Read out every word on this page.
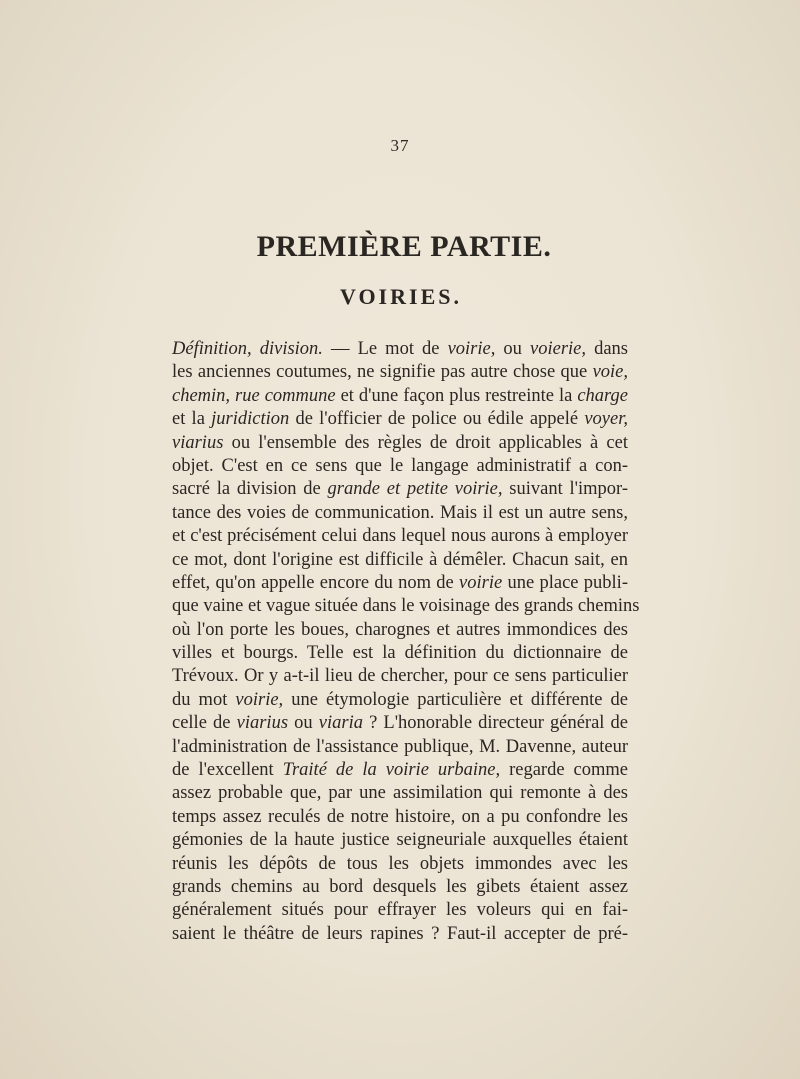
37
PREMIÈRE PARTIE.
VOIRIES.
Définition, division. — Le mot de voirie, ou voierie, dans
les anciennes coutumes, ne signifie pas autre chose que voie,
chemin, rue commune et d'une façon plus restreinte la charge
et la juridiction de l'officier de police ou édile appelé voyer,
viarius ou l'ensemble des règles de droit applicables à cet
objet. C'est en ce sens que le langage administratif a con-
sacré la division de grande et petite voirie, suivant l'impor-
tance des voies de communication. Mais il est un autre sens,
et c'est précisément celui dans lequel nous aurons à employer
ce mot, dont l'origine est difficile à démêler. Chacun sait, en
effet, qu'on appelle encore du nom de voirie une place publi-
que vaine et vague située dans le voisinage des grands chemins
où l'on porte les boues, charognes et autres immondices des
villes et bourgs. Telle est la définition du dictionnaire de
Trévoux. Or y a-t-il lieu de chercher, pour ce sens particulier
du mot voirie, une étymologie particulière et différente de
celle de viarius ou viaria ? L'honorable directeur général de
l'administration de l'assistance publique, M. Davenne, auteur
de l'excellent Traité de la voirie urbaine, regarde comme
assez probable que, par une assimilation qui remonte à des
temps assez reculés de notre histoire, on a pu confondre les
gémonies de la haute justice seigneuriale auxquelles étaient
réunis les dépôts de tous les objets immondes avec les
grands chemins au bord desquels les gibets étaient assez
généralement situés pour effrayer les voleurs qui en fai-
saient le théâtre de leurs rapines ? Faut-il accepter de pré-
